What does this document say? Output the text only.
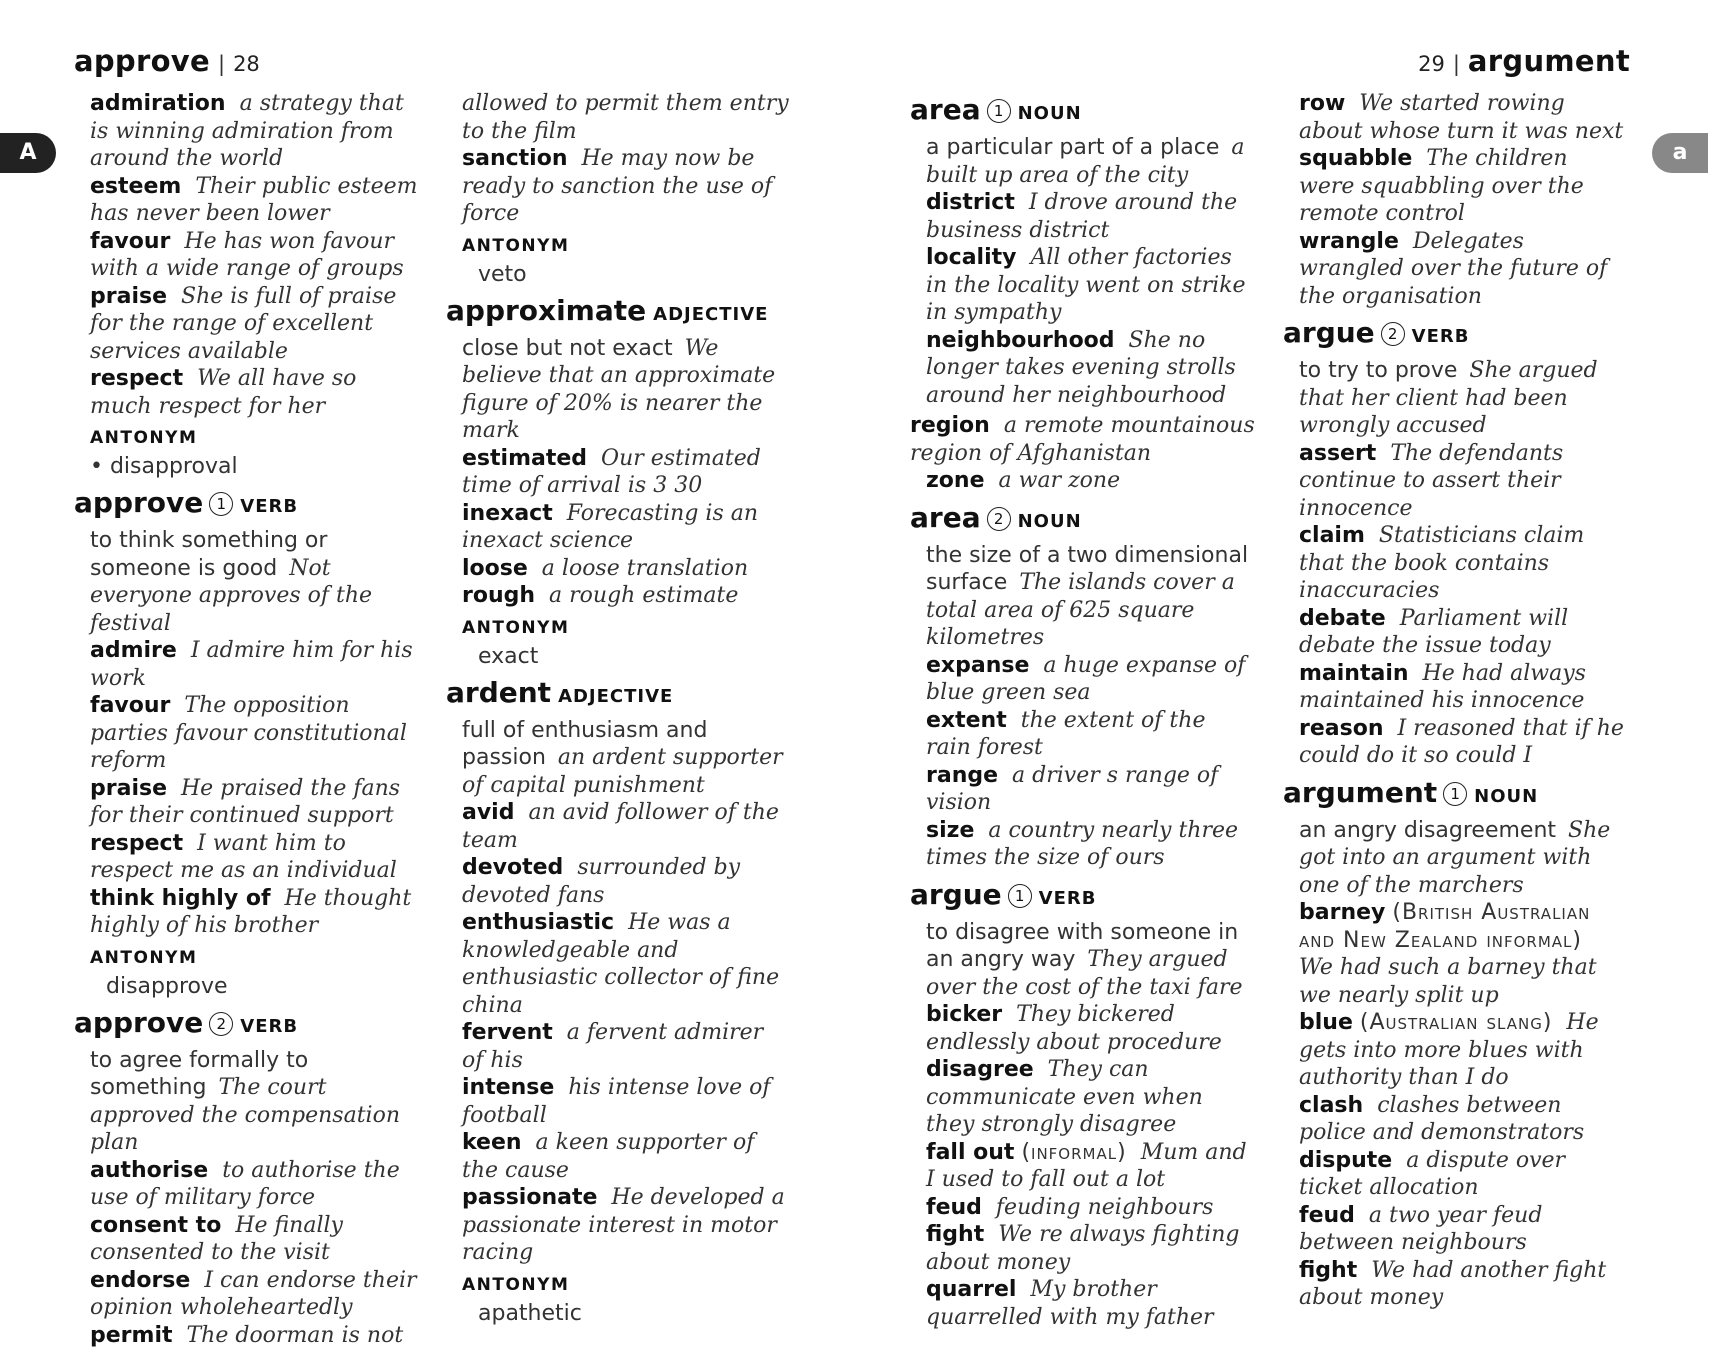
approve | 28	29 | argument
A	a
admiration a strategy that is winning admiration from around the world
esteem Their public esteem has never been lower
favour He has won favour with a wide range of groups
praise She is full of praise for the range of excellent services available
respect We all have so much respect for her
ANTONYM
• disapproval
approve 1 VERB
to think something or someone is good Not everyone approves of the festival
admire I admire him for his work
favour The opposition parties favour constitutional reform
praise He praised the fans for their continued support
respect I want him to respect me as an individual
think highly of He thought highly of his brother
ANTONYM
disapprove
approve 2 VERB
to agree formally to something The court approved the compensation plan
authorise to authorise the use of military force
consent to He finally consented to the visit
endorse I can endorse their opinion wholeheartedly
permit The doorman is not
allowed to permit them entry to the film
sanction He may now be ready to sanction the use of force
ANTONYM
veto
approximate ADJECTIVE
close but not exact We believe that an approximate figure of 20% is nearer the mark
estimated Our estimated time of arrival is 3 30
inexact Forecasting is an inexact science
loose a loose translation
rough a rough estimate
ANTONYM
exact
ardent ADJECTIVE
full of enthusiasm and passion an ardent supporter of capital punishment
avid an avid follower of the team
devoted surrounded by devoted fans
enthusiastic He was a knowledgeable and enthusiastic collector of fine china
fervent a fervent admirer of his
intense his intense love of football
keen a keen supporter of the cause
passionate He developed a passionate interest in motor racing
ANTONYM
apathetic
area 1 NOUN
a particular part of a place a built up area of the city
district I drove around the business district
locality All other factories in the locality went on strike in sympathy
neighbourhood She no longer takes evening strolls around her neighbourhood
region a remote mountainous region of Afghanistan
zone a war zone
area 2 NOUN
the size of a two dimensional surface The islands cover a total area of 625 square kilometres
expanse a huge expanse of blue green sea
extent the extent of the rain forest
range a driver s range of vision
size a country nearly three times the size of ours
argue 1 VERB
to disagree with someone in an angry way They argued over the cost of the taxi fare
bicker They bickered endlessly about procedure
disagree They can communicate even when they strongly disagree
fall out (informal) Mum and I used to fall out a lot
feud feuding neighbours
fight We re always fighting about money
quarrel My brother quarrelled with my father
row We started rowing about whose turn it was next
squabble The children were squabbling over the remote control
wrangle Delegates wrangled over the future of the organisation
argue 2 VERB
to try to prove She argued that her client had been wrongly accused
assert The defendants continue to assert their innocence
claim Statisticians claim that the book contains inaccuracies
debate Parliament will debate the issue today
maintain He had always maintained his innocence
reason I reasoned that if he could do it so could I
argument 1 NOUN
an angry disagreement She got into an argument with one of the marchers
barney (British Australian and New Zealand informal)We had such a barney that we nearly split up
blue (Australian slang) He gets into more blues with authority than I do
clash clashes between police and demonstrators
dispute a dispute over ticket allocation
feud a two year feud between neighbours
fight We had another fight about money
